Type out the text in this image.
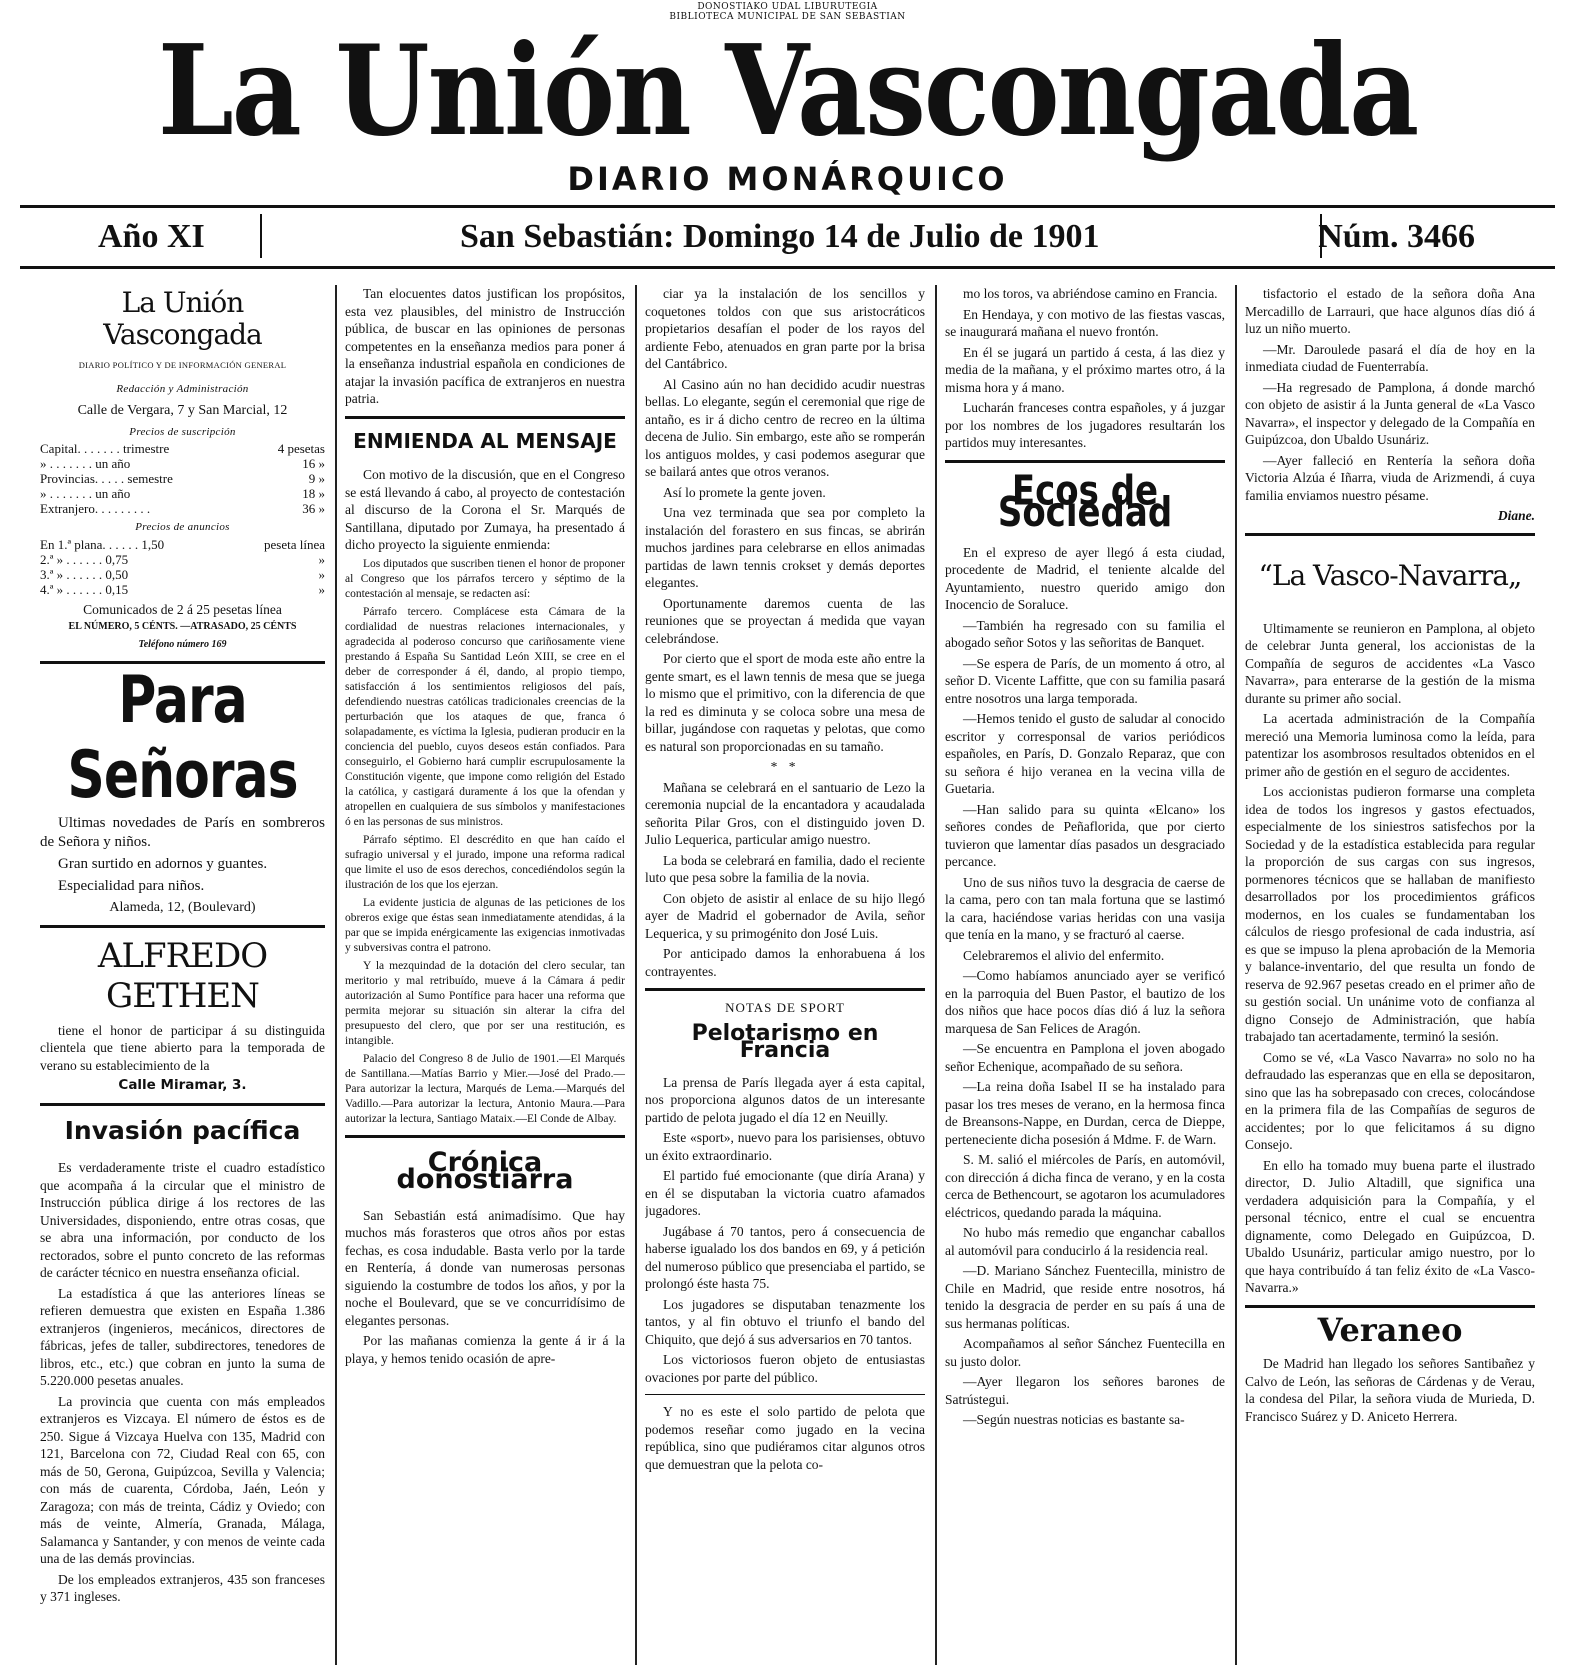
DONOSTIAKO UDAL LIBURUTEGIA
BIBLIOTECA MUNICIPAL DE SAN SEBASTIAN
La Unión Vascongada
DIARIO MONÁRQUICO
Año XI	San Sebastián: Domingo 14 de Julio de 1901	Núm. 3466
La Unión Vascongada
DIARIO POLÍTICO Y DE INFORMACIÓN GENERAL
Redacción y Administración
Calle de Vergara, 7 y San Marcial, 12
Precios de suscripción
Capital. . . . . . . trimestre	4 pesetas
» . . . . . . . un año	16 »
Provincias. . . . . semestre	9 »
» . . . . . . . un año	18 »
Extranjero. . . . . . . . .	36 »
Precios de anuncios
En 1.ª plana. . . . . . 1,50	peseta línea
2.ª » . . . . . . 0,75	»
3.ª » . . . . . . 0,50	»
4.ª » . . . . . . 0,15	»
Comunicados de 2 á 25 pesetas línea
EL NÚMERO, 5 CÉNTS. —ATRASADO, 25 CÉNTS
Teléfono número 169
Para Señoras

Ultimas novedades de París en sombreros de Señora y niños.

Gran surtido en adornos y guantes.

Especialidad para niños.

Alameda, 12, (Boulevard)

ALFREDO GETHEN

tiene el honor de participar á su distinguida clientela que tiene abierto para la temporada de verano su establecimiento de la

Calle Miramar, 3.

Invasión pacífica

Es verdaderamente triste el cuadro estadístico que acompaña á la circular que el ministro de Instrucción pública dirige á los rectores de las Universidades, disponiendo, entre otras cosas, que se abra una información, por conducto de los rectorados, sobre el punto concreto de las reformas de carácter técnico en nuestra enseñanza oficial.

La estadística á que las anteriores líneas se refieren demuestra que existen en España 1.386 extranjeros (ingenieros, mecánicos, directores de fábricas, jefes de taller, subdirectores, tenedores de libros, etc., etc.) que cobran en junto la suma de 5.220.000 pesetas anuales.

La provincia que cuenta con más empleados extranjeros es Vizcaya. El número de éstos es de 250. Sigue á Vizcaya Huelva con 135, Madrid con 121, Barcelona con 72, Ciudad Real con 65, con más de 50, Gerona, Guipúzcoa, Sevilla y Valencia; con más de cuarenta, Córdoba, Jaén, León y Zaragoza; con más de treinta, Cádiz y Oviedo; con más de veinte, Almería, Granada, Málaga, Salamanca y Santander, y con menos de veinte cada una de las demás provincias.

De los empleados extranjeros, 435 son franceses y 371 ingleses.

Tan elocuentes datos justifican los propósitos, esta vez plausibles, del ministro de Instrucción pública, de buscar en las opiniones de personas competentes en la enseñanza medios para poner á la enseñanza industrial española en condiciones de atajar la invasión pacífica de extranjeros en nuestra patria.

ENMIENDA AL MENSAJE

Con motivo de la discusión, que en el Congreso se está llevando á cabo, al proyecto de contestación al discurso de la Corona el Sr. Marqués de Santillana, diputado por Zumaya, ha presentado á dicho proyecto la siguiente enmienda:

Los diputados que suscriben tienen el honor de proponer al Congreso que los párrafos tercero y séptimo de la contestación al mensaje, se redacten así:

Párrafo tercero. Complácese esta Cámara de la cordialidad de nuestras relaciones internacionales, y agradecida al poderoso concurso que cariñosamente viene prestando á España Su Santidad León XIII, se cree en el deber de corresponder á él, dando, al propio tiempo, satisfacción á los sentimientos religiosos del país, defendiendo nuestras católicas tradicionales creencias de la perturbación que los ataques de que, franca ó solapadamente, es víctima la Iglesia, pudieran producir en la conciencia del pueblo, cuyos deseos están confiados. Para conseguirlo, el Gobierno hará cumplir escrupulosamente la Constitución vigente, que impone como religión del Estado la católica, y castigará duramente á los que la ofendan y atropellen en cualquiera de sus símbolos y manifestaciones ó en las personas de sus ministros.

Párrafo séptimo. El descrédito en que han caído el sufragio universal y el jurado, impone una reforma radical que limite el uso de esos derechos, concediéndolos según la ilustración de los que los ejerzan.

La evidente justicia de algunas de las peticiones de los obreros exige que éstas sean inmediatamente atendidas, á la par que se impida enérgicamente las exigencias inmotivadas y subversivas contra el patrono.

Y la mezquindad de la dotación del clero secular, tan meritorio y mal retribuído, mueve á la Cámara á pedir autorización al Sumo Pontífice para hacer una reforma que permita mejorar su situación sin alterar la cifra del presupuesto del clero, que por ser una restitución, es intangible.

Palacio del Congreso 8 de Julio de 1901.—El Marqués de Santillana.—Matías Barrio y Mier.—José del Prado.—Para autorizar la lectura, Marqués de Lema.—Marqués del Vadillo.—Para autorizar la lectura, Antonio Maura.—Para autorizar la lectura, Santiago Mataix.—El Conde de Albay.

Crónica donostiarra

San Sebastián está animadísimo. Que hay muchos más forasteros que otros años por estas fechas, es cosa indudable. Basta verlo por la tarde en Rentería, á donde van numerosas personas siguiendo la costumbre de todos los años, y por la noche el Boulevard, que se ve concurridísimo de elegantes personas.

Por las mañanas comienza la gente á ir á la playa, y hemos tenido ocasión de apre-

ciar ya la instalación de los sencillos y coquetones toldos con que sus aristocráticos propietarios desafían el poder de los rayos del ardiente Febo, atenuados en gran parte por la brisa del Cantábrico.

Al Casino aún no han decidido acudir nuestras bellas. Lo elegante, según el ceremonial que rige de antaño, es ir á dicho centro de recreo en la última decena de Julio. Sin embargo, este año se romperán los antiguos moldes, y casi podemos asegurar que se bailará antes que otros veranos.

Así lo promete la gente joven.

Una vez terminada que sea por completo la instalación del forastero en sus fincas, se abrirán muchos jardines para celebrarse en ellos animadas partidas de lawn tennis crokset y demás deportes elegantes.

Oportunamente daremos cuenta de las reuniones que se proyectan á medida que vayan celebrándose.

Por cierto que el sport de moda este año entre la gente smart, es el lawn tennis de mesa que se juega lo mismo que el primitivo, con la diferencia de que la red es diminuta y se coloca sobre una mesa de billar, jugándose con raquetas y pelotas, que como es natural son proporcionadas en su tamaño.

* *

Mañana se celebrará en el santuario de Lezo la ceremonia nupcial de la encantadora y acaudalada señorita Pilar Gros, con el distinguido joven D. Julio Lequerica, particular amigo nuestro.

La boda se celebrará en familia, dado el reciente luto que pesa sobre la familia de la novia.

Con objeto de asistir al enlace de su hijo llegó ayer de Madrid el gobernador de Avila, señor Lequerica, y su primogénito don José Luis.

Por anticipado damos la enhorabuena á los contrayentes.

NOTAS DE SPORT

Pelotarismo en Francia

La prensa de París llegada ayer á esta capital, nos proporciona algunos datos de un interesante partido de pelota jugado el día 12 en Neuilly.

Este «sport», nuevo para los parisienses, obtuvo un éxito extraordinario.

El partido fué emocionante (que diría Arana) y en él se disputaban la victoria cuatro afamados jugadores.

Jugábase á 70 tantos, pero á consecuencia de haberse igualado los dos bandos en 69, y á petición del numeroso público que presenciaba el partido, se prolongó éste hasta 75.

Los jugadores se disputaban tenazmente los tantos, y al fin obtuvo el triunfo el bando del Chiquito, que dejó á sus adversarios en 70 tantos.

Los victoriosos fueron objeto de entusiastas ovaciones por parte del público.

Y no es este el solo partido de pelota que podemos reseñar como jugado en la vecina república, sino que pudiéramos citar algunos otros que demuestran que la pelota co-

mo los toros, va abriéndose camino en Francia.

En Hendaya, y con motivo de las fiestas vascas, se inaugurará mañana el nuevo frontón.

En él se jugará un partido á cesta, á las diez y media de la mañana, y el próximo martes otro, á la misma hora y á mano.

Lucharán franceses contra españoles, y á juzgar por los nombres de los jugadores resultarán los partidos muy interesantes.

Ecos de Sociedad

En el expreso de ayer llegó á esta ciudad, procedente de Madrid, el teniente alcalde del Ayuntamiento, nuestro querido amigo don Inocencio de Soraluce.

—También ha regresado con su familia el abogado señor Sotos y las señoritas de Banquet.

—Se espera de París, de un momento á otro, al señor D. Vicente Laffitte, que con su familia pasará entre nosotros una larga temporada.

—Hemos tenido el gusto de saludar al conocido escritor y corresponsal de varios periódicos españoles, en París, D. Gonzalo Reparaz, que con su señora é hijo veranea en la vecina villa de Guetaria.

—Han salido para su quinta «Elcano» los señores condes de Peñaflorida, que por cierto tuvieron que lamentar días pasados un desgraciado percance.

Uno de sus niños tuvo la desgracia de caerse de la cama, pero con tan mala fortuna que se lastimó la cara, haciéndose varias heridas con una vasija que tenía en la mano, y se fracturó al caerse.

Celebraremos el alivio del enfermito.

—Como habíamos anunciado ayer se verificó en la parroquia del Buen Pastor, el bautizo de los dos niños que hace pocos días dió á luz la señora marquesa de San Felices de Aragón.

—Se encuentra en Pamplona el joven abogado señor Echenique, acompañado de su señora.

—La reina doña Isabel II se ha instalado para pasar los tres meses de verano, en la hermosa finca de Breansons-Nappe, en Durdan, cerca de Dieppe, perteneciente dicha posesión á Mdme. F. de Warn.

S. M. salió el miércoles de París, en automóvil, con dirección á dicha finca de verano, y en la costa cerca de Bethencourt, se agotaron los acumuladores eléctricos, quedando parada la máquina.

No hubo más remedio que enganchar caballos al automóvil para conducirlo á la residencia real.

—D. Mariano Sánchez Fuentecilla, ministro de Chile en Madrid, que reside entre nosotros, há tenido la desgracia de perder en su país á una de sus hermanas políticas.

Acompañamos al señor Sánchez Fuentecilla en su justo dolor.

—Ayer llegaron los señores barones de Satrústegui.

—Según nuestras noticias es bastante sa-

tisfactorio el estado de la señora doña Ana Mercadillo de Larrauri, que hace algunos días dió á luz un niño muerto.

—Mr. Daroulede pasará el día de hoy en la inmediata ciudad de Fuenterrabía.

—Ha regresado de Pamplona, á donde marchó con objeto de asistir á la Junta general de «La Vasco Navarra», el inspector y delegado de la Compañía en Guipúzcoa, don Ubaldo Usunáriz.

—Ayer falleció en Rentería la señora doña Victoria Alzúa é Iñarra, viuda de Arizmendi, á cuya familia enviamos nuestro pésame.

Diane.

“La Vasco-Navarra„

Ultimamente se reunieron en Pamplona, al objeto de celebrar Junta general, los accionistas de la Compañía de seguros de accidentes «La Vasco Navarra», para enterarse de la gestión de la misma durante su primer año social.

La acertada administración de la Compañía mereció una Memoria luminosa como la leída, para patentizar los asombrosos resultados obtenidos en el primer año de gestión en el seguro de accidentes.

Los accionistas pudieron formarse una completa idea de todos los ingresos y gastos efectuados, especialmente de los siniestros satisfechos por la Sociedad y de la estadística establecida para regular la proporción de sus cargas con sus ingresos, pormenores técnicos que se hallaban de manifiesto desarrollados por los procedimientos gráficos modernos, en los cuales se fundamentaban los cálculos de riesgo profesional de cada industria, así es que se impuso la plena aprobación de la Memoria y balance-inventario, del que resulta un fondo de reserva de 92.967 pesetas creado en el primer año de su gestión social. Un unánime voto de confianza al digno Consejo de Administración, que había trabajado tan acertadamente, terminó la sesión.

Como se vé, «La Vasco Navarra» no solo no ha defraudado las esperanzas que en ella se depositaron, sino que las ha sobrepasado con creces, colocándose en la primera fila de las Compañías de seguros de accidentes; por lo que felicitamos á su digno Consejo.

En ello ha tomado muy buena parte el ilustrado director, D. Julio Altadill, que significa una verdadera adquisición para la Compañía, y el personal técnico, entre el cual se encuentra dignamente, como Delegado en Guipúzcoa, D. Ubaldo Usunáriz, particular amigo nuestro, por lo que haya contribuído á tan feliz éxito de «La Vasco-Navarra.»

Veraneo

De Madrid han llegado los señores Santibañez y Calvo de León, las señoras de Cárdenas y de Verau, la condesa del Pilar, la señora viuda de Murieda, D. Francisco Suárez y D. Aniceto Herrera.
